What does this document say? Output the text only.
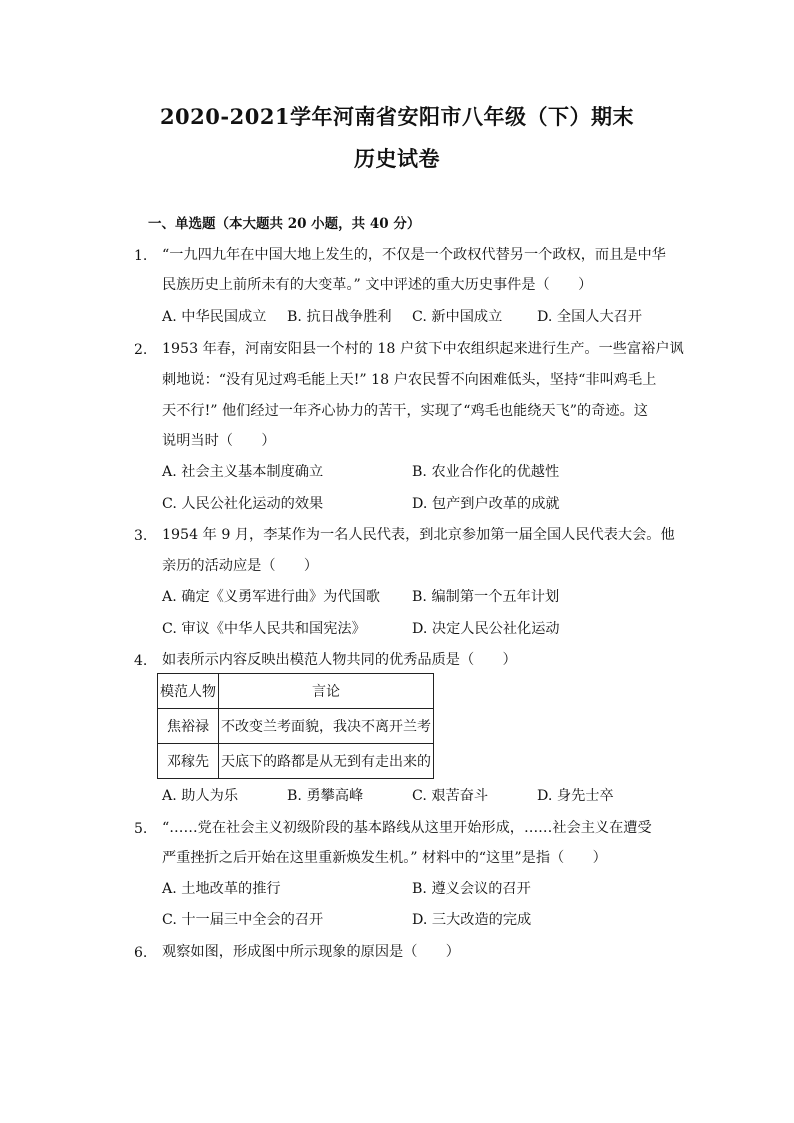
2020-2021学年河南省安阳市八年级（下）期末
历史试卷
一、单选题（本大题共 20 小题，共 40 分）
1. “一九四九年在中国大地上发生的，不仅是一个政权代替另一个政权，而且是中华
民族历史上前所未有的大变革。” 文中评述的重大历史事件是（　　）
A. 中华民国成立 B. 抗日战争胜利 C. 新中国成立 D. 全国人大召开
2. 1953 年春，河南安阳县一个村的 18 户贫下中农组织起来进行生产。一些富裕户讽
刺地说：“没有见过鸡毛能上天!” 18 户农民誓不向困难低头，坚持“非叫鸡毛上
天不行!” 他们经过一年齐心协力的苦干，实现了“鸡毛也能绕天飞”的奇迹。这
说明当时（　　）
A. 社会主义基本制度确立	B. 农业合作化的优越性
C. 人民公社化运动的效果	D. 包产到户改革的成就
3. 1954 年 9 月，李某作为一名人民代表，到北京参加第一届全国人民代表大会。他
亲历的活动应是（　　）
A. 确定《义勇军进行曲》为代国歌 B. 编制第一个五年计划
C. 审议《中华人民共和国宪法》	D. 决定人民公社化运动
4. 如表所示内容反映出模范人物共同的优秀品质是（　　）
模范人物	言论
焦裕禄	不改变兰考面貌，我决不离开兰考
邓稼先	天底下的路都是从无到有走出来的
A. 助人为乐	B. 勇攀高峰	C. 艰苦奋斗	D. 身先士卒
5. “……党在社会主义初级阶段的基本路线从这里开始形成，……社会主义在遭受
严重挫折之后开始在这里重新焕发生机。” 材料中的“这里”是指（　　）
A. 土地改革的推行	B. 遵义会议的召开
C. 十一届三中全会的召开	D. 三大改造的完成
6. 观察如图，形成图中所示现象的原因是（　　）
